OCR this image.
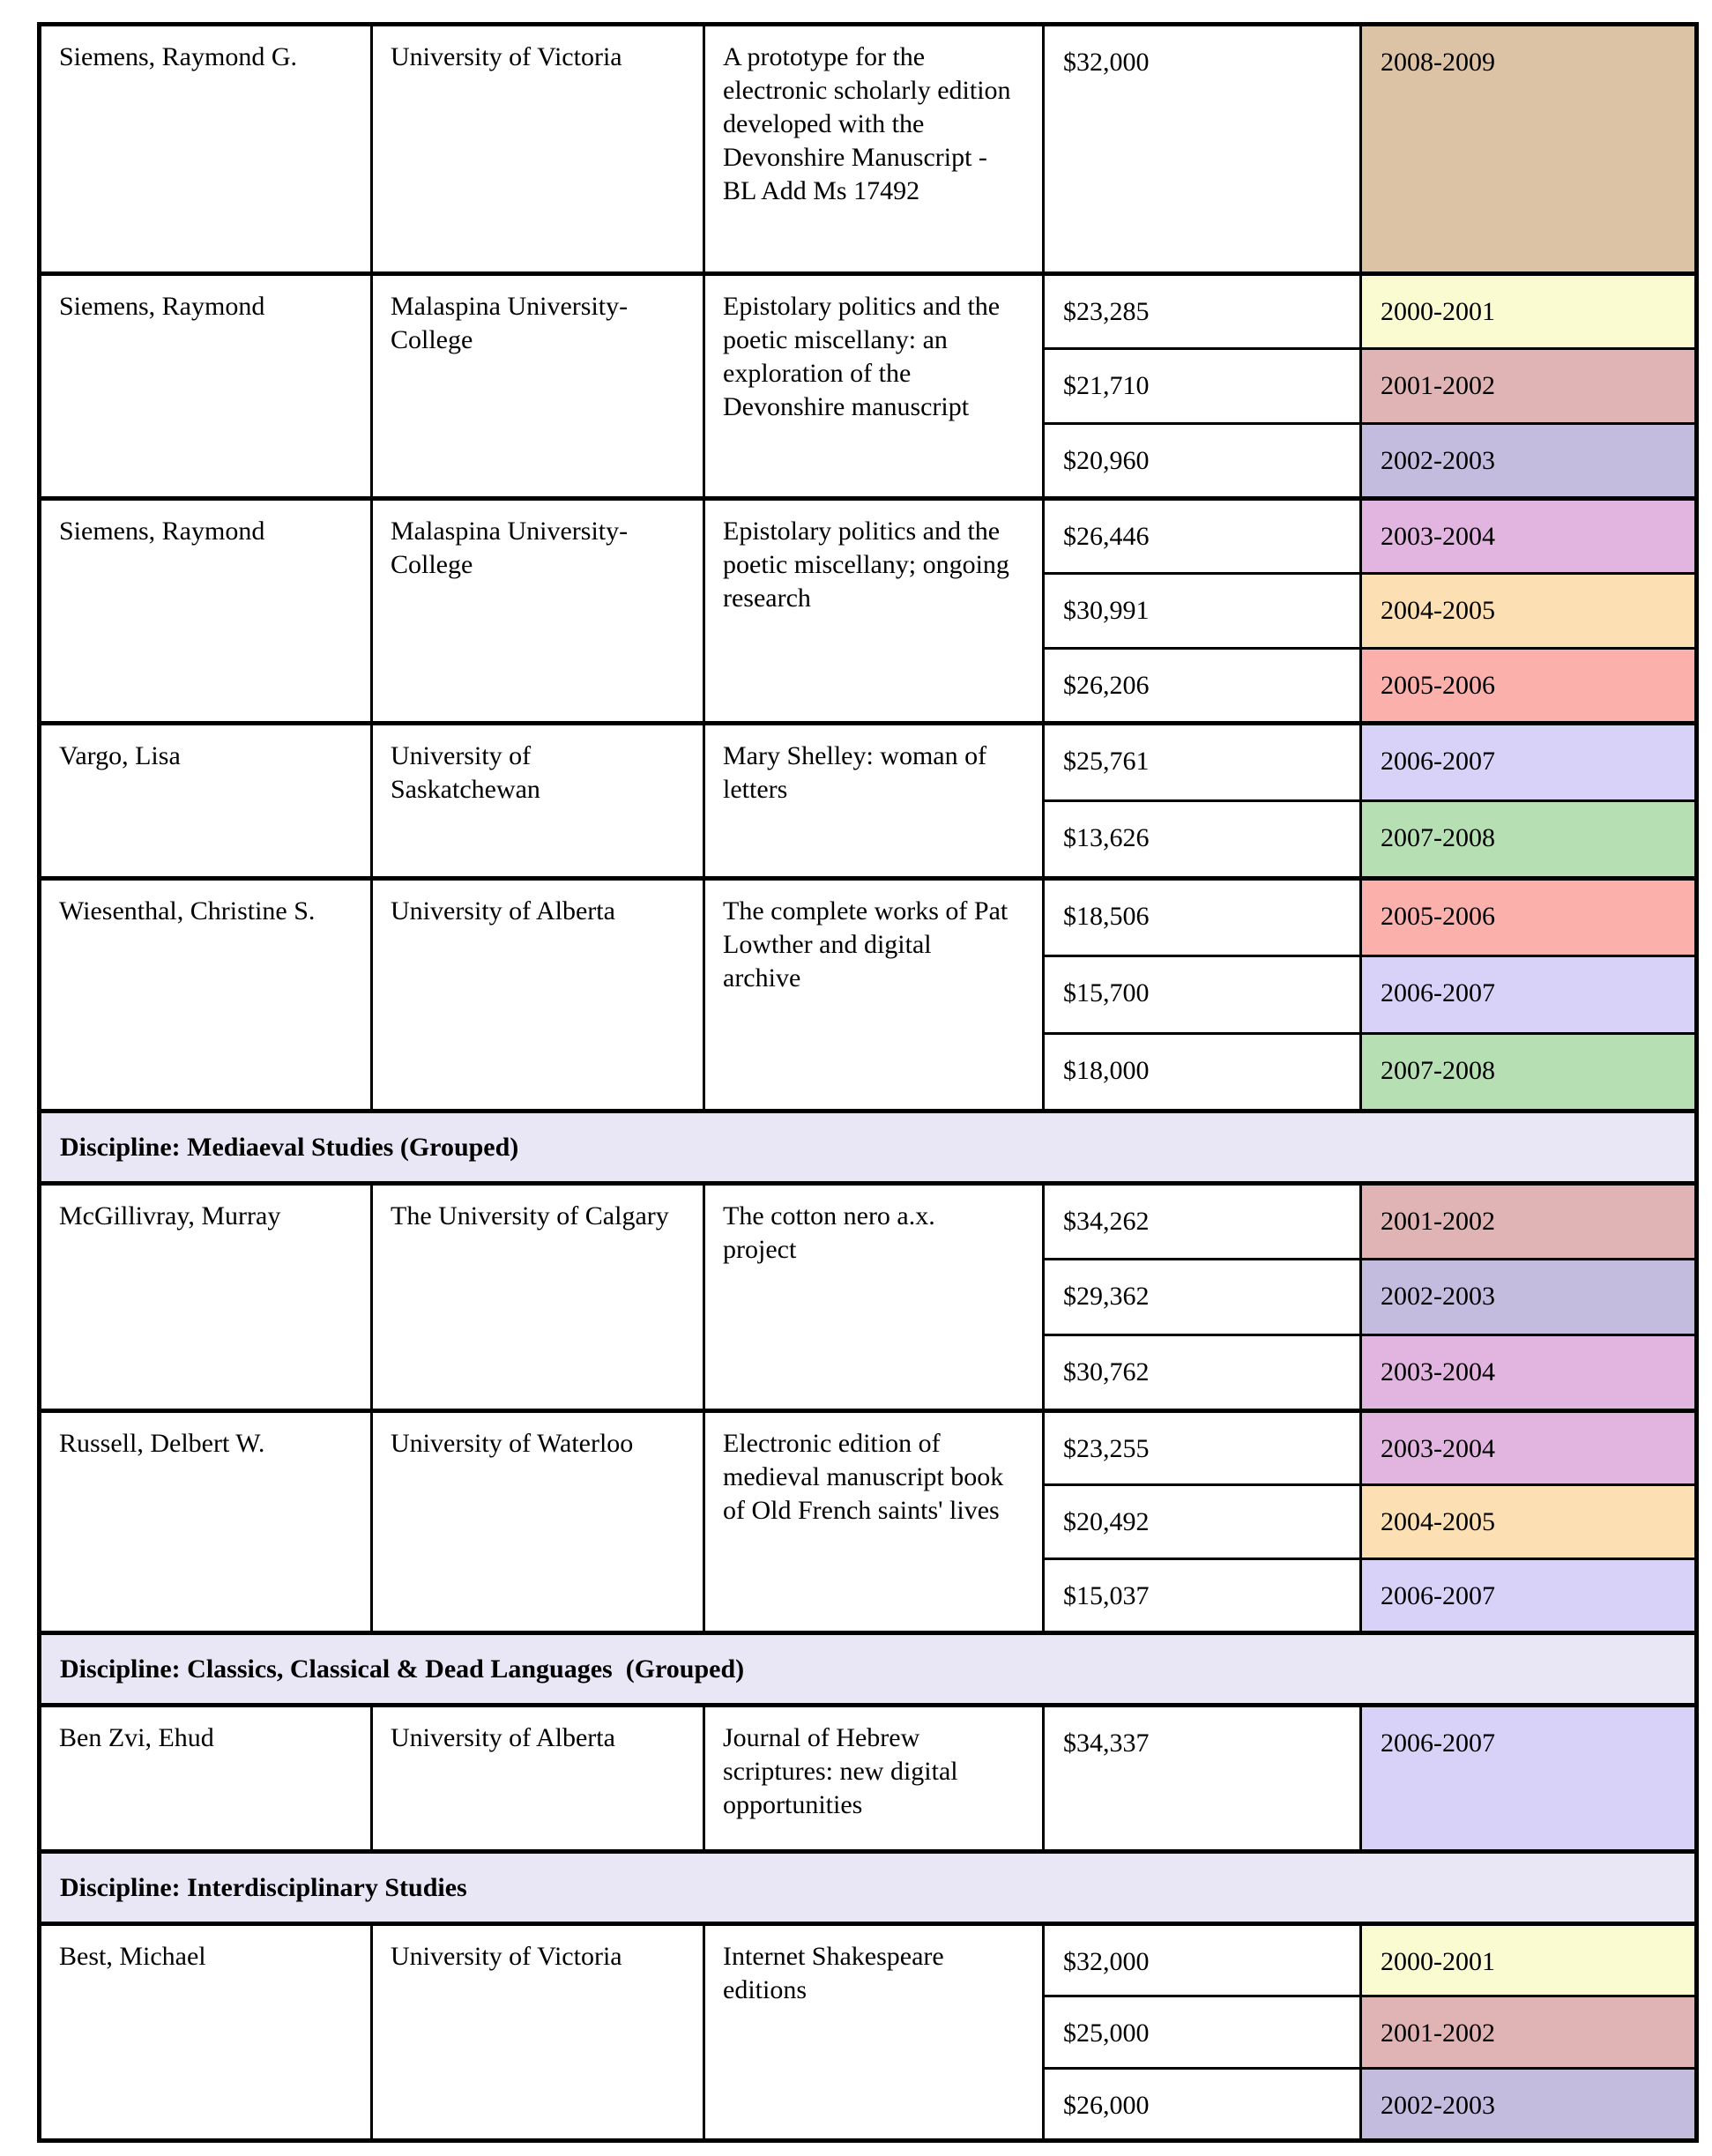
Siemens, Raymond G.	University of Victoria	A prototype for the electronic scholarly edition developed with the Devonshire Manuscript - BL Add Ms 17492	$32,000	2008-2009
Siemens, Raymond	Malaspina University-College	Epistolary politics and the poetic miscellany: an exploration of the Devonshire manuscript	$23,285	2000-2001
			$21,710	2001-2002
			$20,960	2002-2003
Siemens, Raymond	Malaspina University-College	Epistolary politics and the poetic miscellany; ongoing research	$26,446	2003-2004
			$30,991	2004-2005
			$26,206	2005-2006
Vargo, Lisa	University of Saskatchewan	Mary Shelley: woman of letters	$25,761	2006-2007
			$13,626	2007-2008
Wiesenthal, Christine S.	University of Alberta	The complete works of Pat Lowther and digital archive	$18,506	2005-2006
			$15,700	2006-2007
			$18,000	2007-2008
Discipline: Mediaeval Studies (Grouped)				
McGillivray, Murray	The University of Calgary	The cotton nero a.x. project	$34,262	2001-2002
			$29,362	2002-2003
			$30,762	2003-2004
Russell, Delbert W.	University of Waterloo	Electronic edition of medieval manuscript book of Old French saints' lives	$23,255	2003-2004
			$20,492	2004-2005
			$15,037	2006-2007
Discipline: Classics, Classical & Dead Languages  (Grouped)				
Ben Zvi, Ehud	University of Alberta	Journal of Hebrew scriptures: new digital opportunities	$34,337	2006-2007
Discipline: Interdisciplinary Studies				
Best, Michael	University of Victoria	Internet Shakespeare editions	$32,000	2000-2001
			$25,000	2001-2002
			$26,000	2002-2003
